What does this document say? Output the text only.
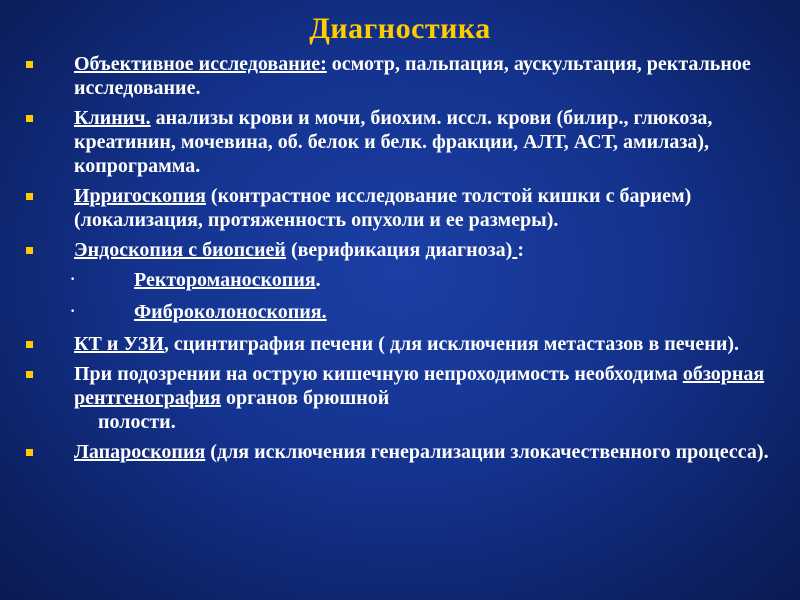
Диагностика
Объективное исследование: осмотр, пальпация, аускультация, ректальное исследование.
Клинич. анализы крови и мочи, биохим. иссл. крови (билир., глюкоза, креатинин, мочевина, об. белок и белк. фракции, АЛТ, АСТ, амилаза), копрограмма.
Ирригоскопия (контрастное исследование толстой кишки с барием) (локализация, протяженность опухоли и ее размеры).
Эндоскопия с биопсией (верификация диагноза) :
·	Ректороманоскопия.
·	Фиброколоноскопия.
КТ и УЗИ, сцинтиграфия печени ( для исключения метастазов в печени).
При подозрении на острую кишечную непроходимость необходима обзорная рентгенография органов брюшной
полости.
Лапароскопия (для исключения генерализации злокачественного процесса).
